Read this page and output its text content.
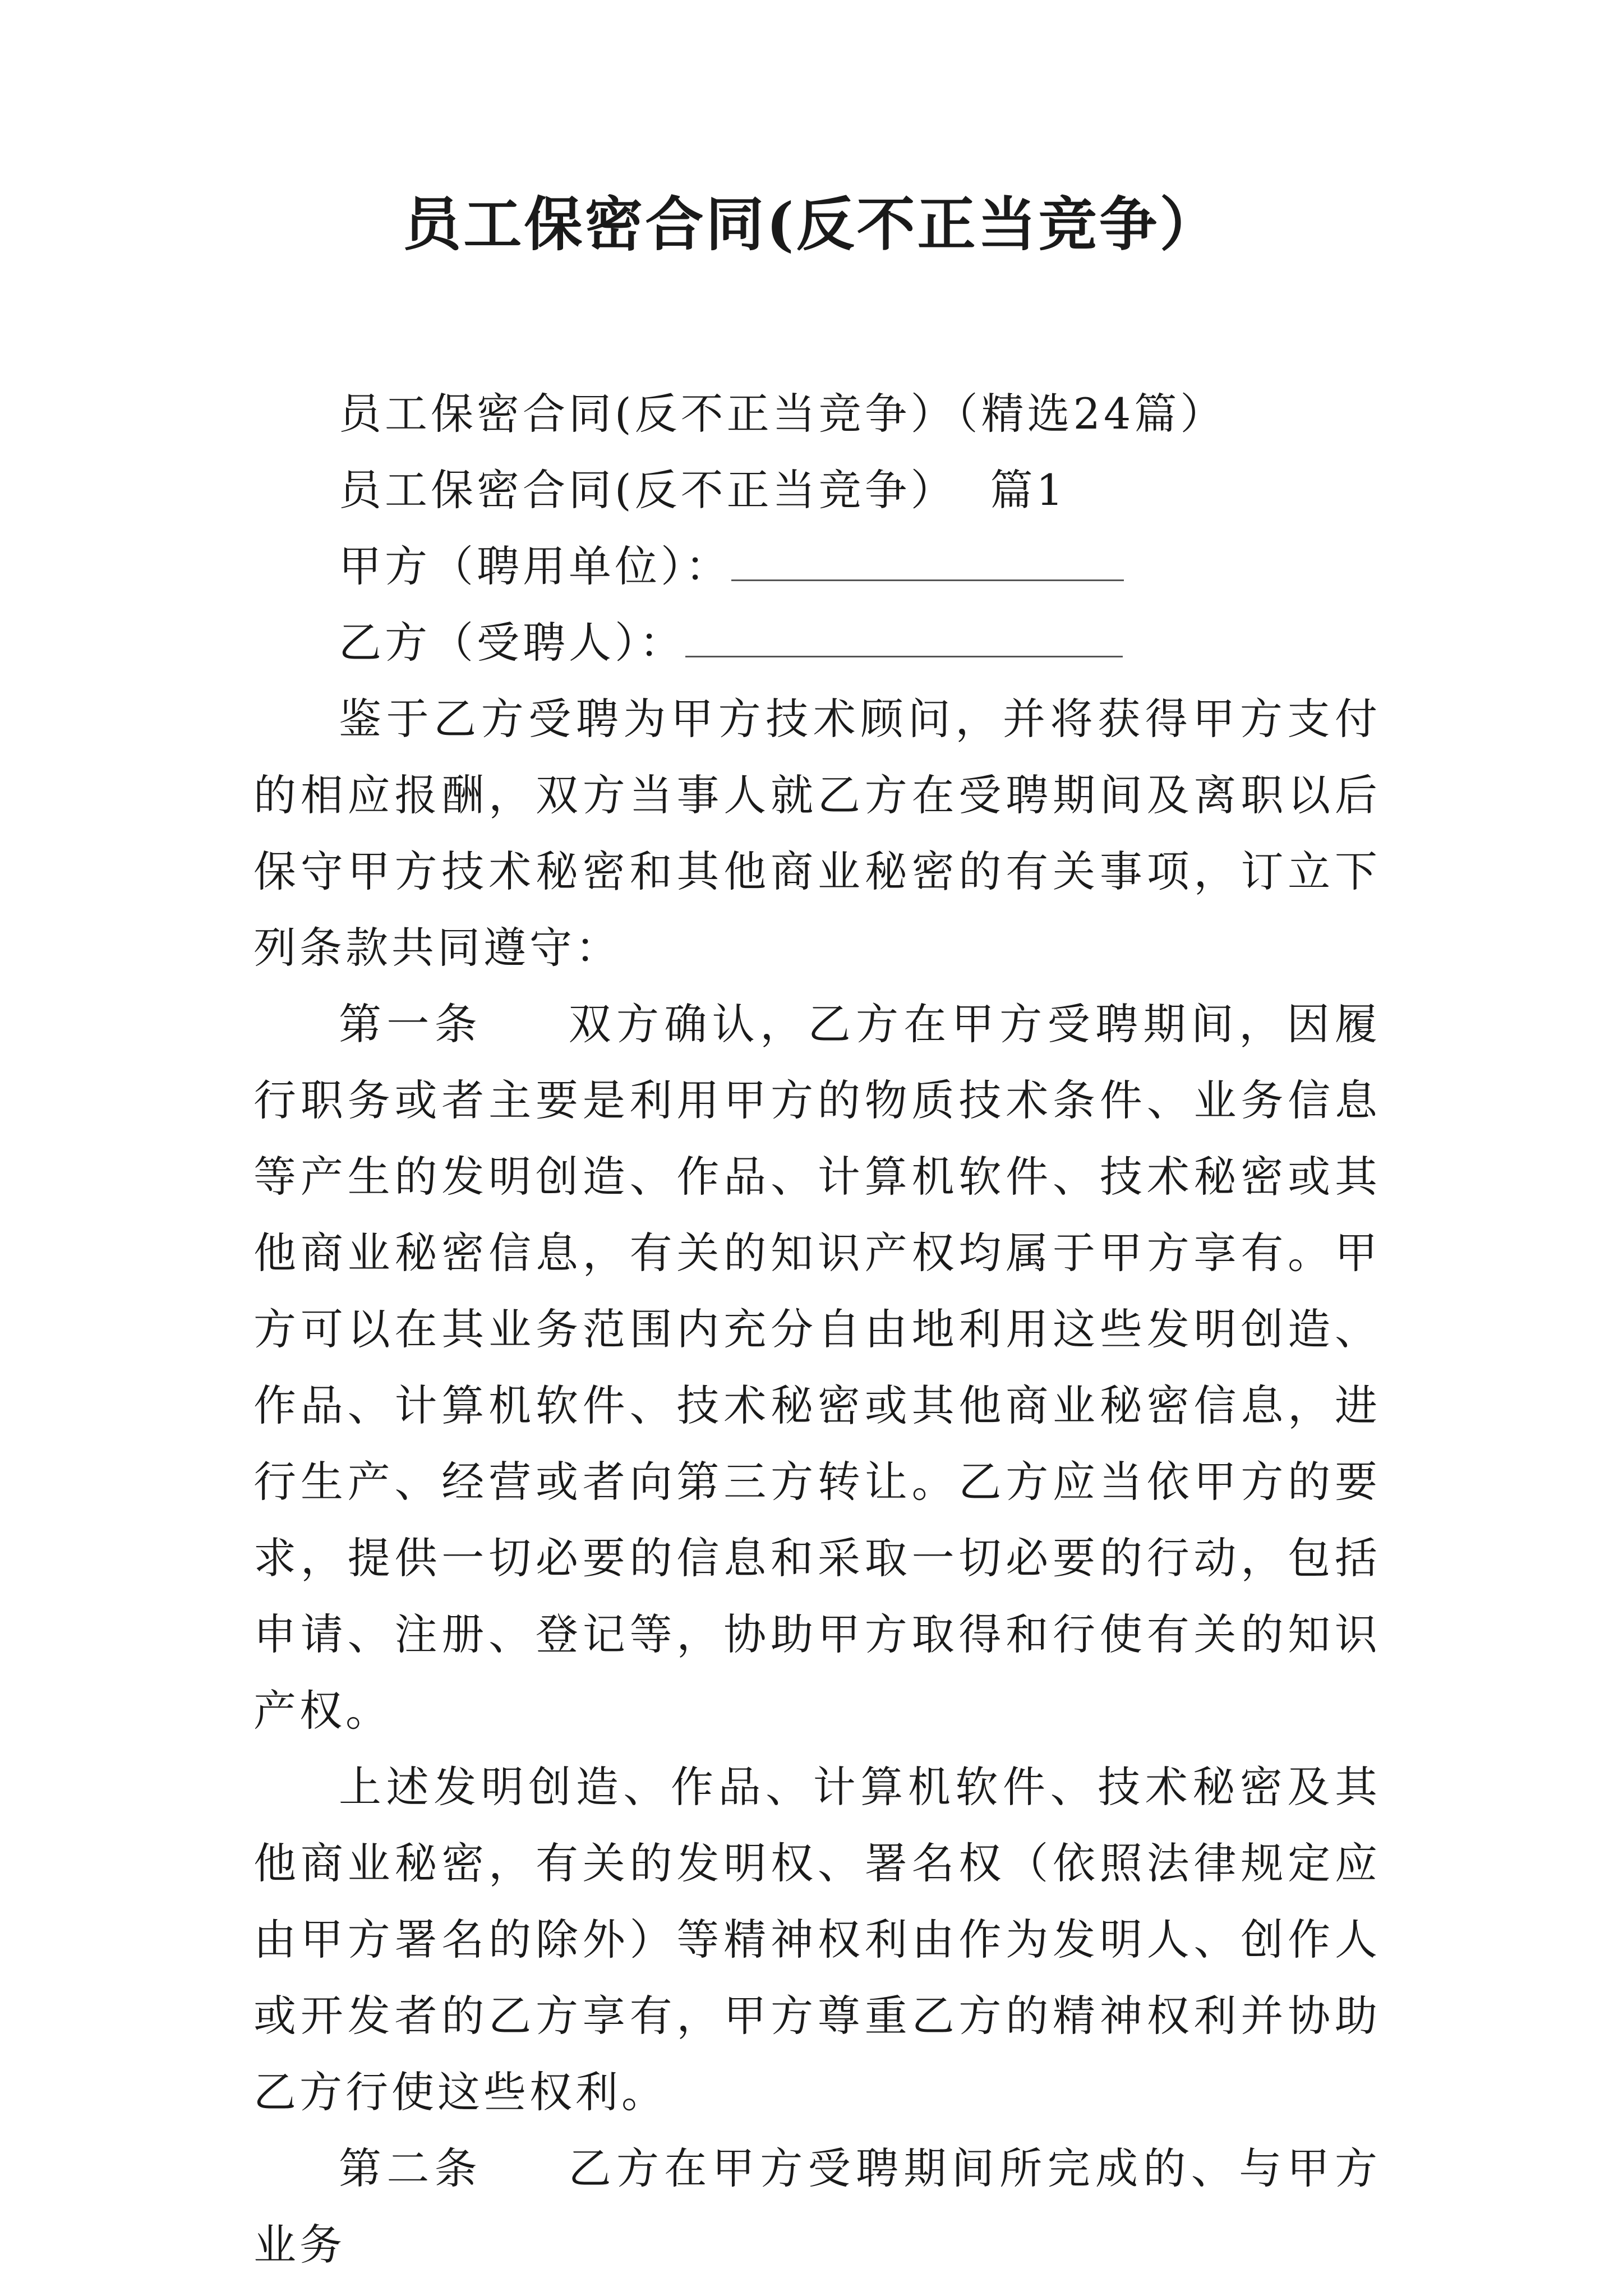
员工保密合同(反不正当竞争）

员工保密合同(反不正当竞争）（精选24篇）

员工保密合同(反不正当竞争） 篇1

甲方（聘用单位）：

乙方（受聘人）：

鉴于乙方受聘为甲方技术顾问，并将获得甲方支付的相应报酬，双方当事人就乙方在受聘期间及离职以后保守甲方技术秘密和其他商业秘密的有关事项，订立下列条款共同遵守：

第一条 双方确认，乙方在甲方受聘期间，因履行职务或者主要是利用甲方的物质技术条件、业务信息等产生的发明创造、作品、计算机软件、技术秘密或其他商业秘密信息，有关的知识产权均属于甲方享有。甲方可以在其业务范围内充分自由地利用这些发明创造、作品、计算机软件、技术秘密或其他商业秘密信息，进行生产、经营或者向第三方转让。乙方应当依甲方的要求，提供一切必要的信息和采取一切必要的行动，包括申请、注册、登记等，协助甲方取得和行使有关的知识产权。

上述发明创造、作品、计算机软件、技术秘密及其他商业秘密，有关的发明权、署名权（依照法律规定应由甲方署名的除外）等精神权利由作为发明人、创作人或开发者的乙方享有，甲方尊重乙方的精神权利并协助乙方行使这些权利。

第二条 乙方在甲方受聘期间所完成的、与甲方业务
